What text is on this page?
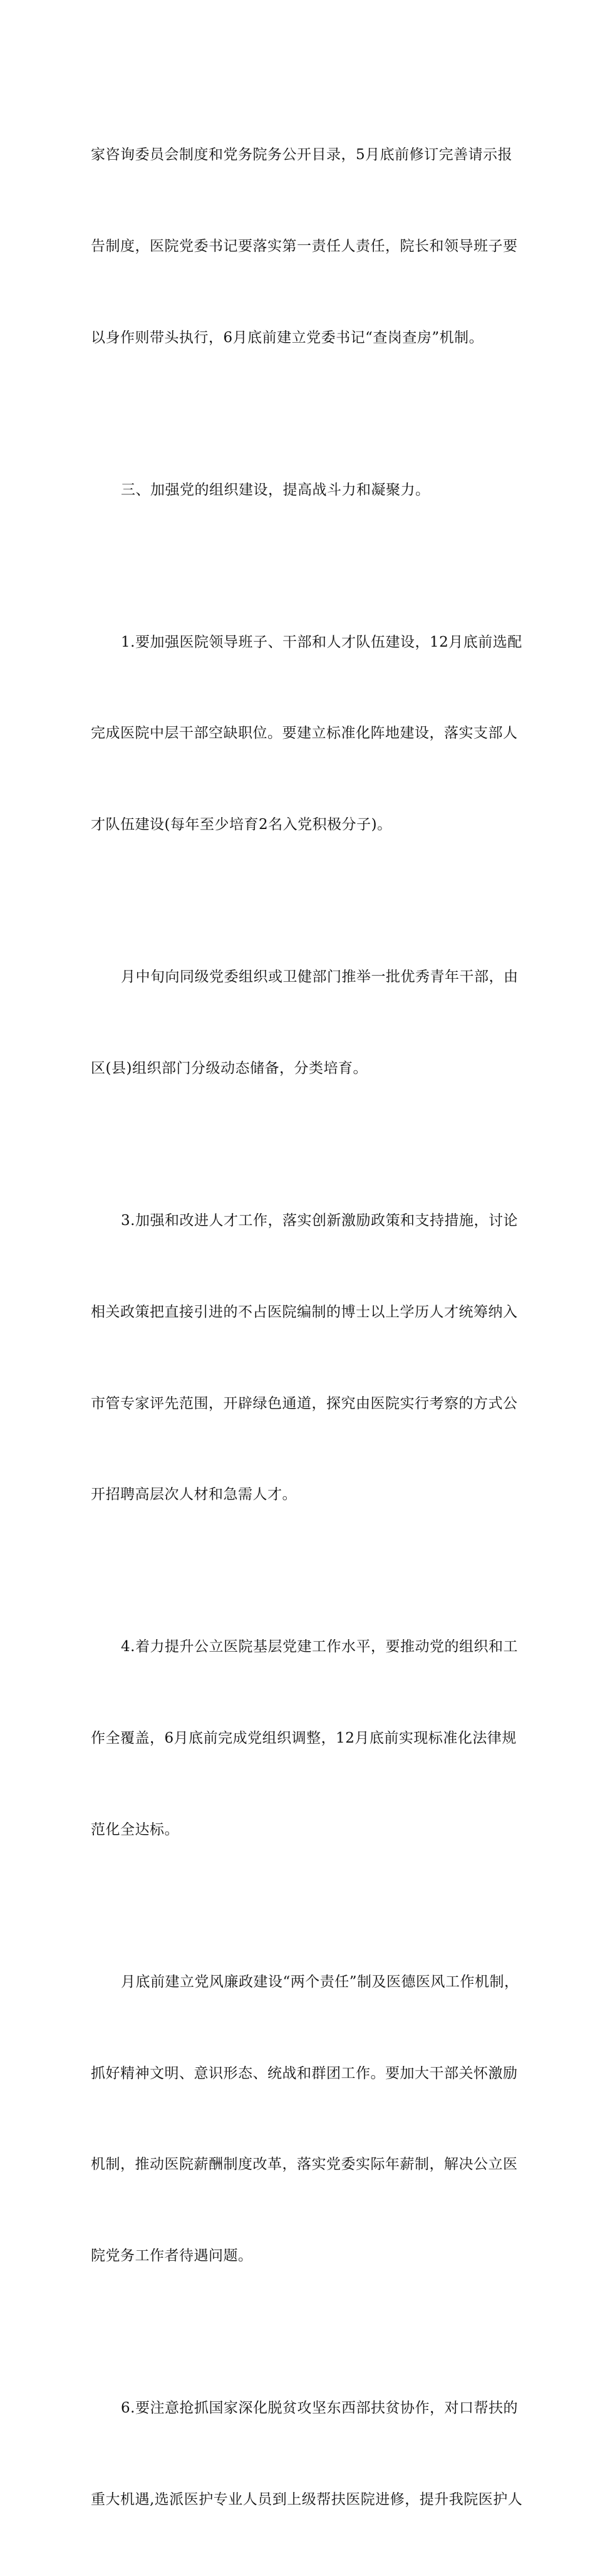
家咨询委员会制度和党务院务公开目录，5月底前修订完善请示报

告制度，医院党委书记要落实第一责任人责任，院长和领导班子要

以身作则带头执行，6月底前建立党委书记“查岗查房”机制。

三、加强党的组织建设，提高战斗力和凝聚力。

1.要加强医院领导班子、干部和人才队伍建设，12月底前选配

完成医院中层干部空缺职位。要建立标准化阵地建设，落实支部人

才队伍建设(每年至少培育2名入党积极分子)。

月中旬向同级党委组织或卫健部门推举一批优秀青年干部，由

区(县)组织部门分级动态储备，分类培育。

3.加强和改进人才工作，落实创新激励政策和支持措施，讨论

相关政策把直接引进的不占医院编制的博士以上学历人才统筹纳入

市管专家评先范围，开辟绿色通道，探究由医院实行考察的方式公

开招聘高层次人材和急需人才。

4.着力提升公立医院基层党建工作水平，要推动党的组织和工

作全覆盖，6月底前完成党组织调整，12月底前实现标准化法律规

范化全达标。

月底前建立党风廉政建设“两个责任”制及医德医风工作机制，

抓好精神文明、意识形态、统战和群团工作。要加大干部关怀激励

机制，推动医院薪酬制度改革，落实党委实际年薪制，解决公立医

院党务工作者待遇问题。

6.要注意抢抓国家深化脱贫攻坚东西部扶贫协作，对口帮扶的

重大机遇,选派医护专业人员到上级帮扶医院进修，提升我院医护人
